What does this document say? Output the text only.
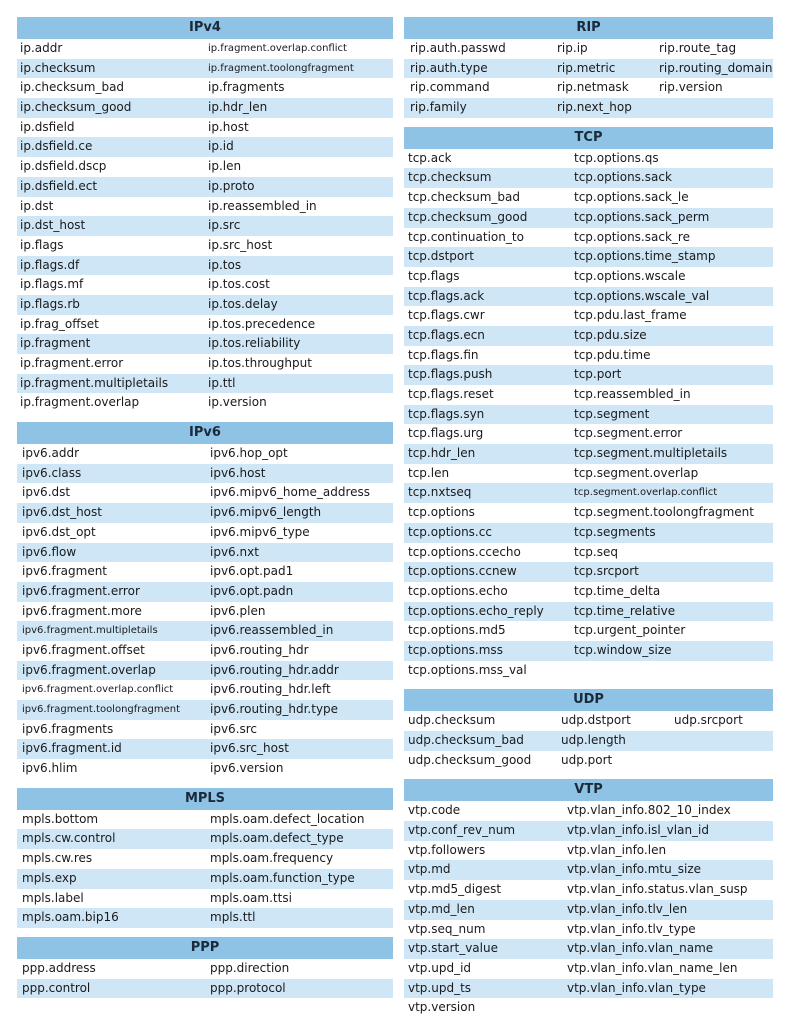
IPv4
ip.addr	ip.fragment.overlap.conflict
ip.checksum	ip.fragment.toolongfragment
ip.checksum_bad	ip.fragments
ip.checksum_good	ip.hdr_len
ip.dsfield	ip.host
ip.dsfield.ce	ip.id
ip.dsfield.dscp	ip.len
ip.dsfield.ect	ip.proto
ip.dst	ip.reassembled_in
ip.dst_host	ip.src
ip.flags	ip.src_host
ip.flags.df	ip.tos
ip.flags.mf	ip.tos.cost
ip.flags.rb	ip.tos.delay
ip.frag_offset	ip.tos.precedence
ip.fragment	ip.tos.reliability
ip.fragment.error	ip.tos.throughput
ip.fragment.multipletails	ip.ttl
ip.fragment.overlap	ip.version
IPv6
ipv6.addr	ipv6.hop_opt
ipv6.class	ipv6.host
ipv6.dst	ipv6.mipv6_home_address
ipv6.dst_host	ipv6.mipv6_length
ipv6.dst_opt	ipv6.mipv6_type
ipv6.flow	ipv6.nxt
ipv6.fragment	ipv6.opt.pad1
ipv6.fragment.error	ipv6.opt.padn
ipv6.fragment.more	ipv6.plen
ipv6.fragment.multipletails	ipv6.reassembled_in
ipv6.fragment.offset	ipv6.routing_hdr
ipv6.fragment.overlap	ipv6.routing_hdr.addr
ipv6.fragment.overlap.conflict	ipv6.routing_hdr.left
ipv6.fragment.toolongfragment ipv6.routing_hdr.type
ipv6.fragments	ipv6.src
ipv6.fragment.id	ipv6.src_host
ipv6.hlim	ipv6.version
MPLS
mpls.bottom	mpls.oam.defect_location
mpls.cw.control	mpls.oam.defect_type
mpls.cw.res	mpls.oam.frequency
mpls.exp	mpls.oam.function_type
mpls.label	mpls.oam.ttsi
mpls.oam.bip16	mpls.ttl
PPP
ppp.address	ppp.direction
ppp.control	ppp.protocol
RIP
rip.auth.passwd	rip.ip	rip.route_tag
rip.auth.type	rip.metric	rip.routing_domain
rip.command	rip.netmask	rip.version
rip.family	rip.next_hop
TCP
tcp.ack	tcp.options.qs
tcp.checksum	tcp.options.sack
tcp.checksum_bad	tcp.options.sack_le
tcp.checksum_good	tcp.options.sack_perm
tcp.continuation_to	tcp.options.sack_re
tcp.dstport	tcp.options.time_stamp
tcp.flags	tcp.options.wscale
tcp.flags.ack	tcp.options.wscale_val
tcp.flags.cwr	tcp.pdu.last_frame
tcp.flags.ecn	tcp.pdu.size
tcp.flags.fin	tcp.pdu.time
tcp.flags.push	tcp.port
tcp.flags.reset	tcp.reassembled_in
tcp.flags.syn	tcp.segment
tcp.flags.urg	tcp.segment.error
tcp.hdr_len	tcp.segment.multipletails
tcp.len	tcp.segment.overlap
tcp.nxtseq	tcp.segment.overlap.conflict
tcp.options	tcp.segment.toolongfragment
tcp.options.cc	tcp.segments
tcp.options.ccecho	tcp.seq
tcp.options.ccnew	tcp.srcport
tcp.options.echo	tcp.time_delta
tcp.options.echo_reply	tcp.time_relative
tcp.options.md5	tcp.urgent_pointer
tcp.options.mss	tcp.window_size
tcp.options.mss_val
UDP
udp.checksum	udp.dstport	udp.srcport
udp.checksum_bad	udp.length
udp.checksum_good udp.port
VTP
vtp.code	vtp.vlan_info.802_10_index
vtp.conf_rev_num	vtp.vlan_info.isl_vlan_id
vtp.followers	vtp.vlan_info.len
vtp.md	vtp.vlan_info.mtu_size
vtp.md5_digest	vtp.vlan_info.status.vlan_susp
vtp.md_len	vtp.vlan_info.tlv_len
vtp.seq_num	vtp.vlan_info.tlv_type
vtp.start_value	vtp.vlan_info.vlan_name
vtp.upd_id	vtp.vlan_info.vlan_name_len
vtp.upd_ts	vtp.vlan_info.vlan_type
vtp.version
